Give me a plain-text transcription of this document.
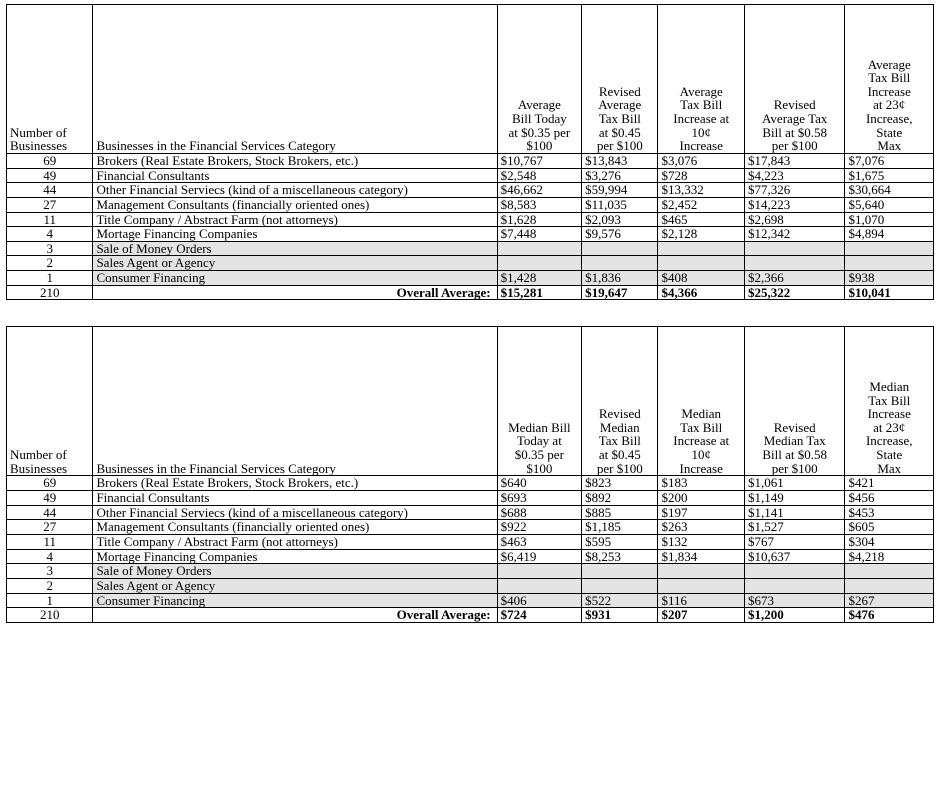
Number of
Businesses	Businesses in the Financial Services Category	Average
Bill Today
at $0.35 per
$100	Revised
Average
Tax Bill
at $0.45
per $100	Average
Tax Bill
Increase at
10¢
Increase	Revised
Average Tax
Bill at $0.58
per $100	Average
Tax Bill
Increase
at 23¢
Increase,
State
Max
69	Brokers (Real Estate Brokers, Stock Brokers, etc.)	$10,767	$13,843	$3,076	$17,843	$7,076
49	Financial Consultants	$2,548	$3,276	$728	$4,223	$1,675
44	Other Financial Serviecs (kind of a miscellaneous category)	$46,662	$59,994	$13,332	$77,326	$30,664
27	Management Consultants (financially oriented ones)	$8,583	$11,035	$2,452	$14,223	$5,640
11	Title Company / Abstract Farm (not attorneys)	$1,628	$2,093	$465	$2,698	$1,070
4	Mortage Financing Companies	$7,448	$9,576	$2,128	$12,342	$4,894
3	Sale of Money Orders					
2	Sales Agent or Agency					
1	Consumer Financing	$1,428	$1,836	$408	$2,366	$938
210	Overall Average:	$15,281	$19,647	$4,366	$25,322	$10,041
Number of
Businesses	Businesses in the Financial Services Category	Median Bill
Today at
$0.35 per
$100	Revised
Median
Tax Bill
at $0.45
per $100	Median
Tax Bill
Increase at
10¢
Increase	Revised
Median Tax
Bill at $0.58
per $100	Median
Tax Bill
Increase
at 23¢
Increase,
State
Max
69	Brokers (Real Estate Brokers, Stock Brokers, etc.)	$640	$823	$183	$1,061	$421
49	Financial Consultants	$693	$892	$200	$1,149	$456
44	Other Financial Serviecs (kind of a miscellaneous category)	$688	$885	$197	$1,141	$453
27	Management Consultants (financially oriented ones)	$922	$1,185	$263	$1,527	$605
11	Title Company / Abstract Farm (not attorneys)	$463	$595	$132	$767	$304
4	Mortage Financing Companies	$6,419	$8,253	$1,834	$10,637	$4,218
3	Sale of Money Orders					
2	Sales Agent or Agency					
1	Consumer Financing	$406	$522	$116	$673	$267
210	Overall Average:	$724	$931	$207	$1,200	$476
